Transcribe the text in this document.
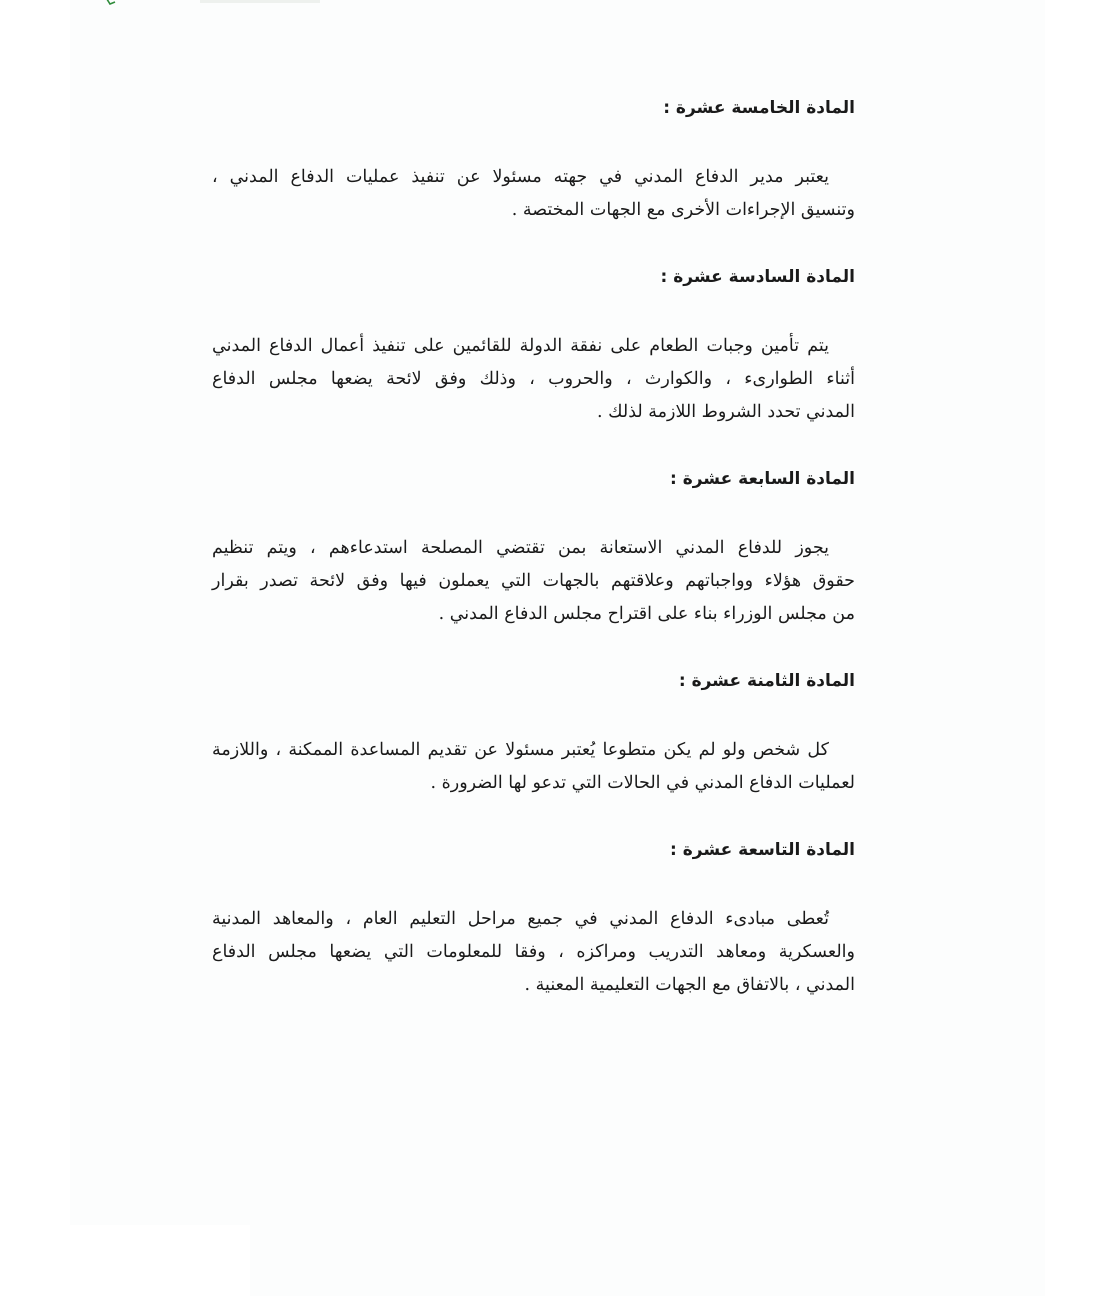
المادة الخامسة عشرة :

يعتبر مدير الدفاع المدني في جهته مسئولا عن تنفيذ عمليات الدفاع المدني ،
وتنسيق الإجراءات الأخرى مع الجهات المختصة .

المادة السادسة عشرة :

يتم تأمين وجبات الطعام على نفقة الدولة للقائمين على تنفيذ أعمال الدفاع المدني
أثناء الطوارىء ، والكوارث ، والحروب ، وذلك وفق لائحة يضعها مجلس الدفاع
المدني تحدد الشروط اللازمة لذلك .

المادة السابعة عشرة :

يجوز للدفاع المدني الاستعانة بمن تقتضي المصلحة استدعاءهم ، ويتم تنظيم
حقوق هؤلاء وواجباتهم وعلاقتهم بالجهات التي يعملون فيها وفق لائحة تصدر بقرار
من مجلس الوزراء بناء على اقتراح مجلس الدفاع المدني .

المادة الثامنة عشرة :

كل شخص ولو لم يكن متطوعا يُعتبر مسئولا عن تقديم المساعدة الممكنة ، واللازمة
لعمليات الدفاع المدني في الحالات التي تدعو لها الضرورة .

المادة التاسعة عشرة :

تُعطى مبادىء الدفاع المدني في جميع مراحل التعليم العام ، والمعاهد المدنية
والعسكرية ومعاهد التدريب ومراكزه ، وفقا للمعلومات التي يضعها مجلس الدفاع
المدني ، بالاتفاق مع الجهات التعليمية المعنية .
